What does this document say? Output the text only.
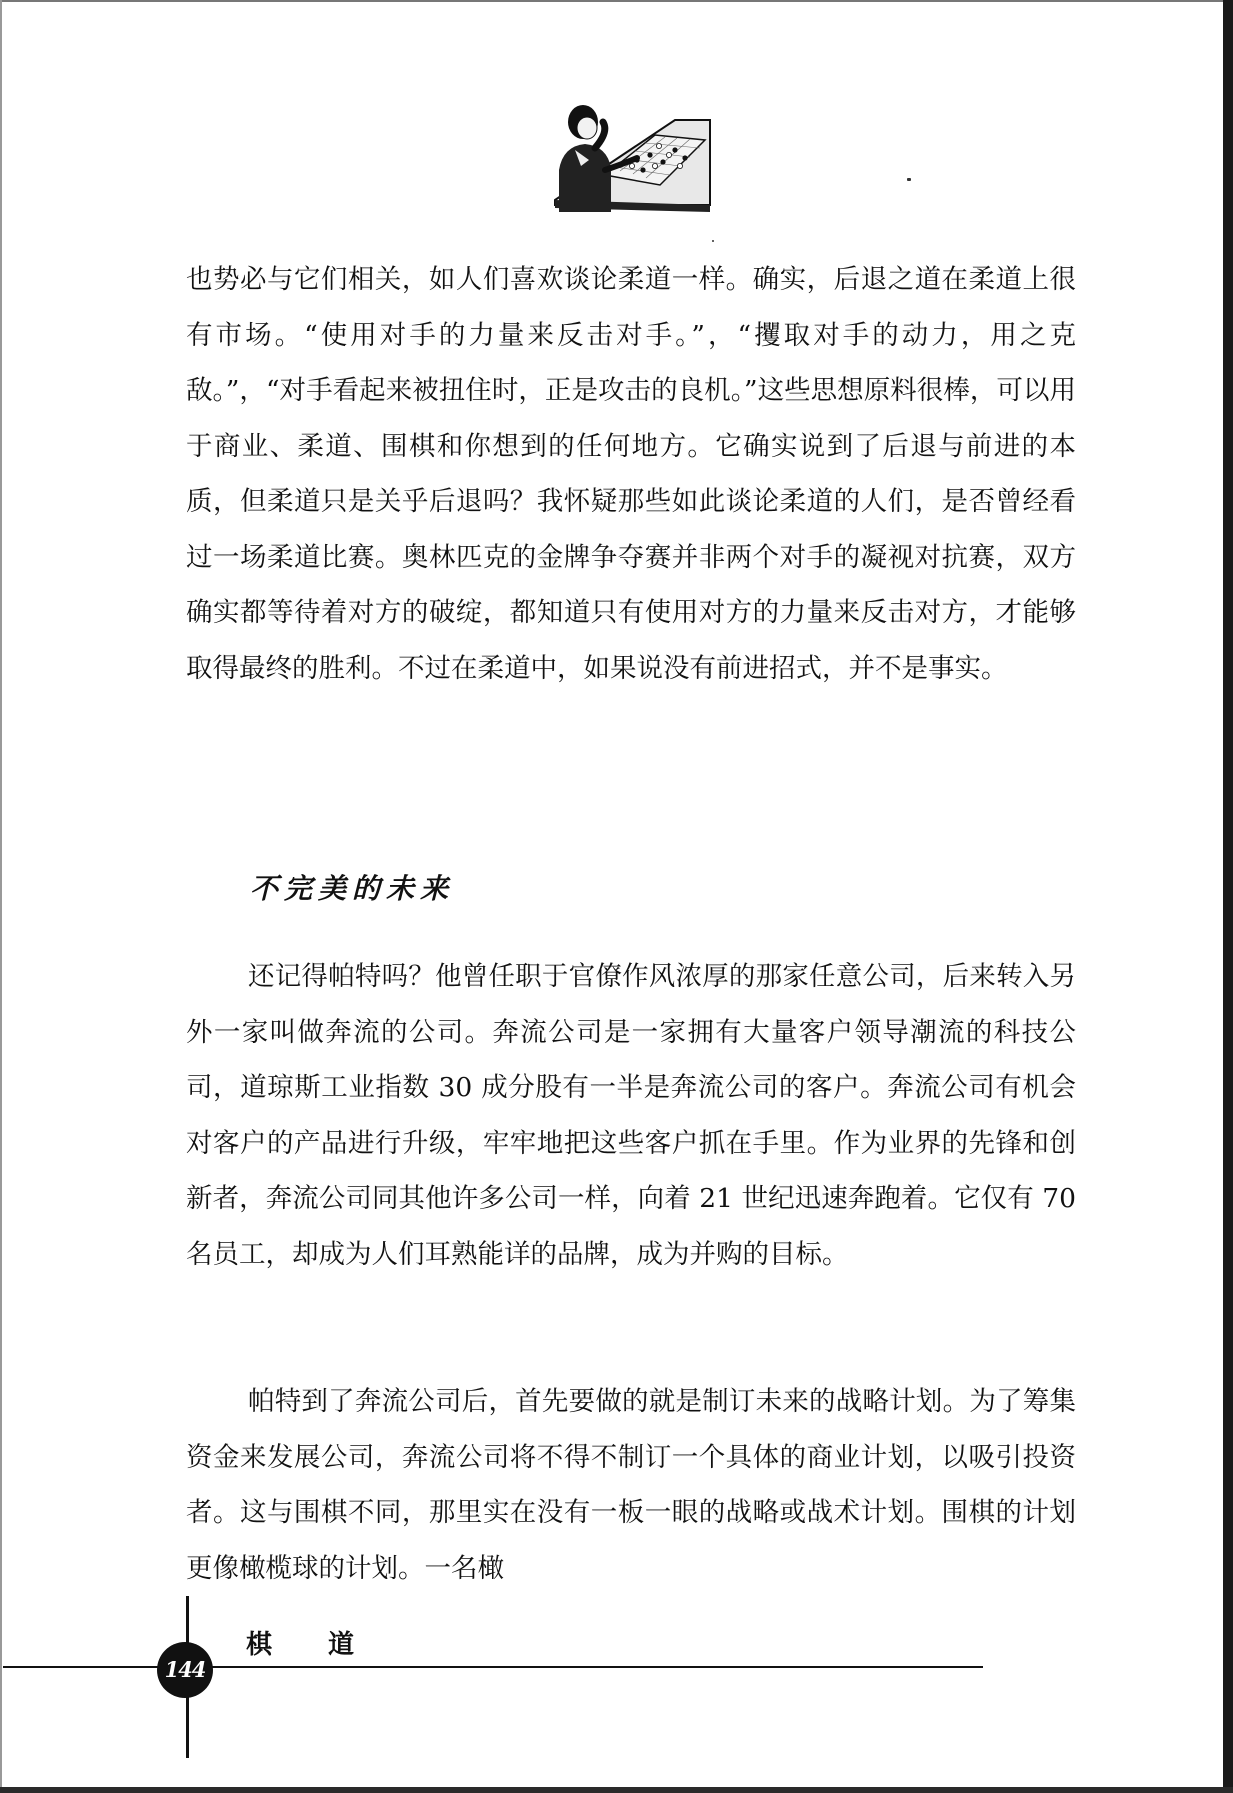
也势必与它们相关，如人们喜欢谈论柔道一样。确实，后退之道在柔道上很有市场。“使用对手的力量来反击对手。”，“攫取对手的动力，用之克敌。”，“对手看起来被扭住时，正是攻击的良机。”这些思想原料很棒，可以用于商业、柔道、围棋和你想到的任何地方。它确实说到了后退与前进的本质，但柔道只是关乎后退吗？我怀疑那些如此谈论柔道的人们，是否曾经看过一场柔道比赛。奥林匹克的金牌争夺赛并非两个对手的凝视对抗赛，双方确实都等待着对方的破绽，都知道只有使用对方的力量来反击对方，才能够取得最终的胜利。不过在柔道中，如果说没有前进招式，并不是事实。

不完美的未来

还记得帕特吗？他曾任职于官僚作风浓厚的那家任意公司，后来转入另外一家叫做奔流的公司。奔流公司是一家拥有大量客户领导潮流的科技公司，道琼斯工业指数 30 成分股有一半是奔流公司的客户。奔流公司有机会对客户的产品进行升级，牢牢地把这些客户抓在手里。作为业界的先锋和创新者，奔流公司同其他许多公司一样，向着 21 世纪迅速奔跑着。它仅有 70 名员工，却成为人们耳熟能详的品牌，成为并购的目标。

帕特到了奔流公司后，首先要做的就是制订未来的战略计划。为了筹集资金来发展公司，奔流公司将不得不制订一个具体的商业计划，以吸引投资者。这与围棋不同，那里实在没有一板一眼的战略或战术计划。围棋的计划更像橄榄球的计划。一名橄

144
棋道
